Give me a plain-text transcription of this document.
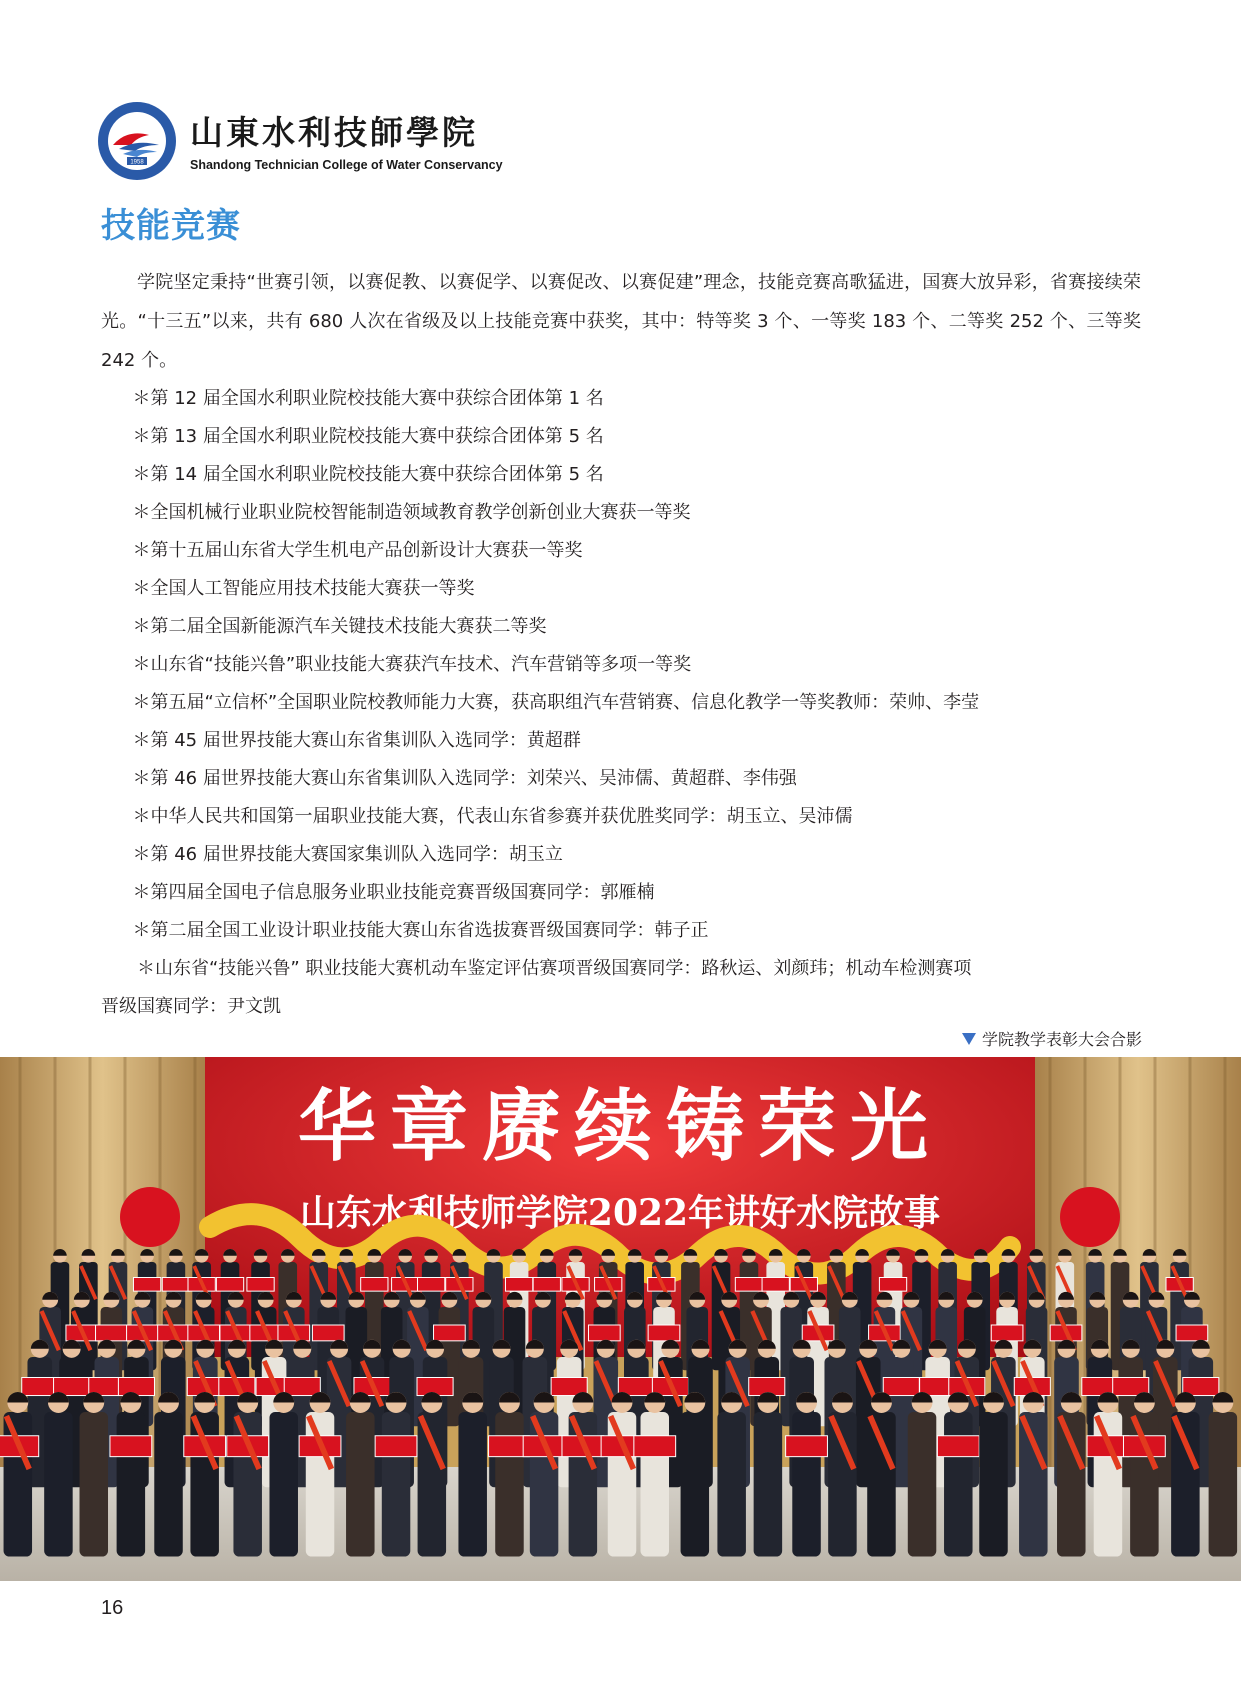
1958
山東水利技師學院
Shandong Technician College of Water Conservancy
技能竞赛

学院坚定秉持“世赛引领，以赛促教、以赛促学、以赛促改、以赛促建”理念，技能竞赛高歌猛进，国赛大放异彩，省赛接续荣光。“十三五”以来，共有 680 人次在省级及以上技能竞赛中获奖，其中：特等奖 3 个、一等奖 183 个、二等奖 252 个、三等奖 242 个。

＊第 12 届全国水利职业院校技能大赛中获综合团体第 1 名
＊第 13 届全国水利职业院校技能大赛中获综合团体第 5 名
＊第 14 届全国水利职业院校技能大赛中获综合团体第 5 名
＊全国机械行业职业院校智能制造领域教育教学创新创业大赛获一等奖
＊第十五届山东省大学生机电产品创新设计大赛获一等奖
＊全国人工智能应用技术技能大赛获一等奖
＊第二届全国新能源汽车关键技术技能大赛获二等奖
＊山东省“技能兴鲁”职业技能大赛获汽车技术、汽车营销等多项一等奖
＊第五届“立信杯”全国职业院校教师能力大赛，获高职组汽车营销赛、信息化教学一等奖教师：荣帅、李莹
＊第 45 届世界技能大赛山东省集训队入选同学：黄超群
＊第 46 届世界技能大赛山东省集训队入选同学：刘荣兴、吴沛儒、黄超群、李伟强
＊中华人民共和国第一届职业技能大赛，代表山东省参赛并获优胜奖同学：胡玉立、吴沛儒
＊第 46 届世界技能大赛国家集训队入选同学：胡玉立
＊第四届全国电子信息服务业职业技能竞赛晋级国赛同学：郭雁楠
＊第二届全国工业设计职业技能大赛山东省选拔赛晋级国赛同学：韩子正
＊山东省“技能兴鲁” 职业技能大赛机动车鉴定评估赛项晋级国赛同学：路秋运、刘颜玮；机动车检测赛项
晋级国赛同学：尹文凯
学院教学表彰大会合影
华章赓续铸荣光
山东水利技师学院2022年讲好水院故事
16
